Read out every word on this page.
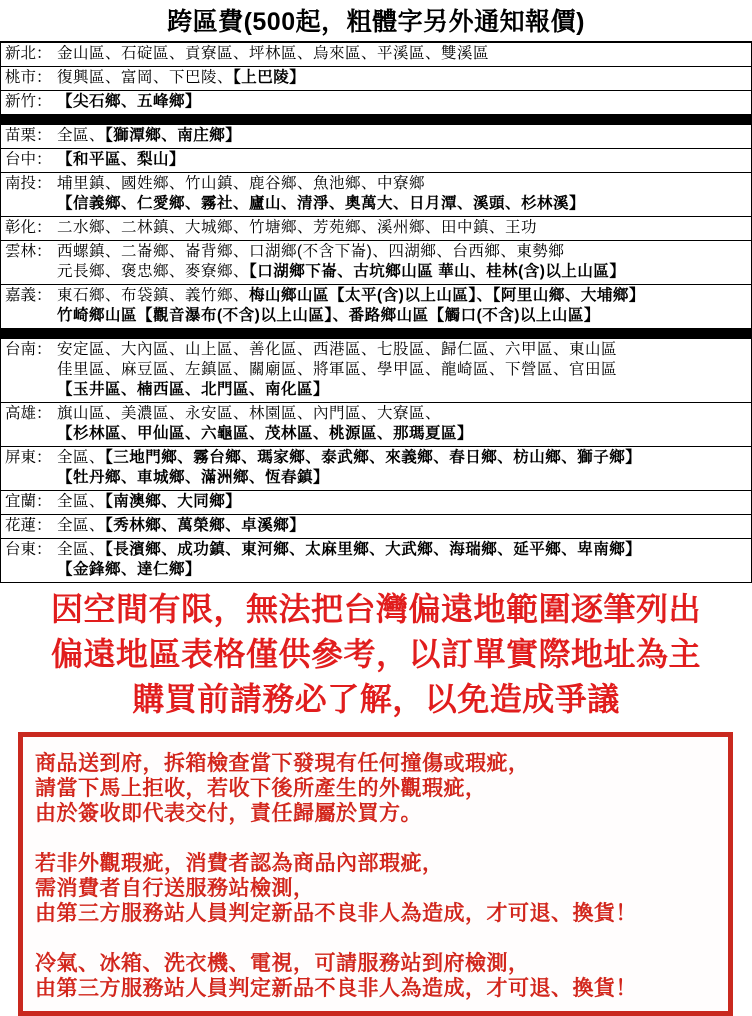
跨區費(500起，粗體字另外通知報價)
新北： 金山區、石碇區、貢寮區、坪林區、烏來區、平溪區、雙溪區
桃市： 復興區、富岡、下巴陵、【上巴陵】
新竹： 【尖石鄉、五峰鄉】
苗栗： 全區、【獅潭鄉、南庄鄉】
台中： 【和平區、梨山】
南投： 埔里鎮、國姓鄉、竹山鎮、鹿谷鄉、魚池鄉、中寮鄉
【信義鄉、仁愛鄉、霧社、廬山、清淨、奧萬大、日月潭、溪頭、杉林溪】
彰化： 二水鄉、二林鎮、大城鄉、竹塘鄉、芳苑鄉、溪州鄉、田中鎮、王功
雲林： 西螺鎮、二崙鄉、崙背鄉、口湖鄉(不含下崙)、四湖鄉、台西鄉、東勢鄉
元長鄉、褒忠鄉、麥寮鄉、【口湖鄉下崙、古坑鄉山區 華山、桂林(含)以上山區】
嘉義： 東石鄉、布袋鎮、義竹鄉、梅山鄉山區【太平(含)以上山區】、【阿里山鄉、大埔鄉】
竹崎鄉山區【觀音瀑布(不含)以上山區】、番路鄉山區【觸口(不含)以上山區】
台南： 安定區、大內區、山上區、善化區、西港區、七股區、歸仁區、六甲區、東山區
佳里區、麻豆區、左鎮區、關廟區、將軍區、學甲區、龍崎區、下營區、官田區
【玉井區、楠西區、北門區、南化區】
高雄： 旗山區、美濃區、永安區、林園區、內門區、大寮區、
【杉林區、甲仙區、六龜區、茂林區、桃源區、那瑪夏區】
屏東： 全區、【三地門鄉、霧台鄉、瑪家鄉、泰武鄉、來義鄉、春日鄉、枋山鄉、獅子鄉】
【牡丹鄉、車城鄉、滿洲鄉、恆春鎮】
宜蘭： 全區、【南澳鄉、大同鄉】
花蓮： 全區、【秀林鄉、萬榮鄉、卓溪鄉】
台東： 全區、【長濱鄉、成功鎮、東河鄉、太麻里鄉、大武鄉、海瑞鄉、延平鄉、卑南鄉】
【金鋒鄉、達仁鄉】
因空間有限，無法把台灣偏遠地範圍逐筆列出
偏遠地區表格僅供參考，以訂單實際地址為主
購買前請務必了解，以免造成爭議
商品送到府，拆箱檢查當下發現有任何撞傷或瑕疵，
請當下馬上拒收，若收下後所產生的外觀瑕疵，
由於簽收即代表交付，責任歸屬於買方。
若非外觀瑕疵，消費者認為商品內部瑕疵，
需消費者自行送服務站檢測，
由第三方服務站人員判定新品不良非人為造成，才可退、換貨！
冷氣、冰箱、洗衣機、電視，可請服務站到府檢測，
由第三方服務站人員判定新品不良非人為造成，才可退、換貨！
